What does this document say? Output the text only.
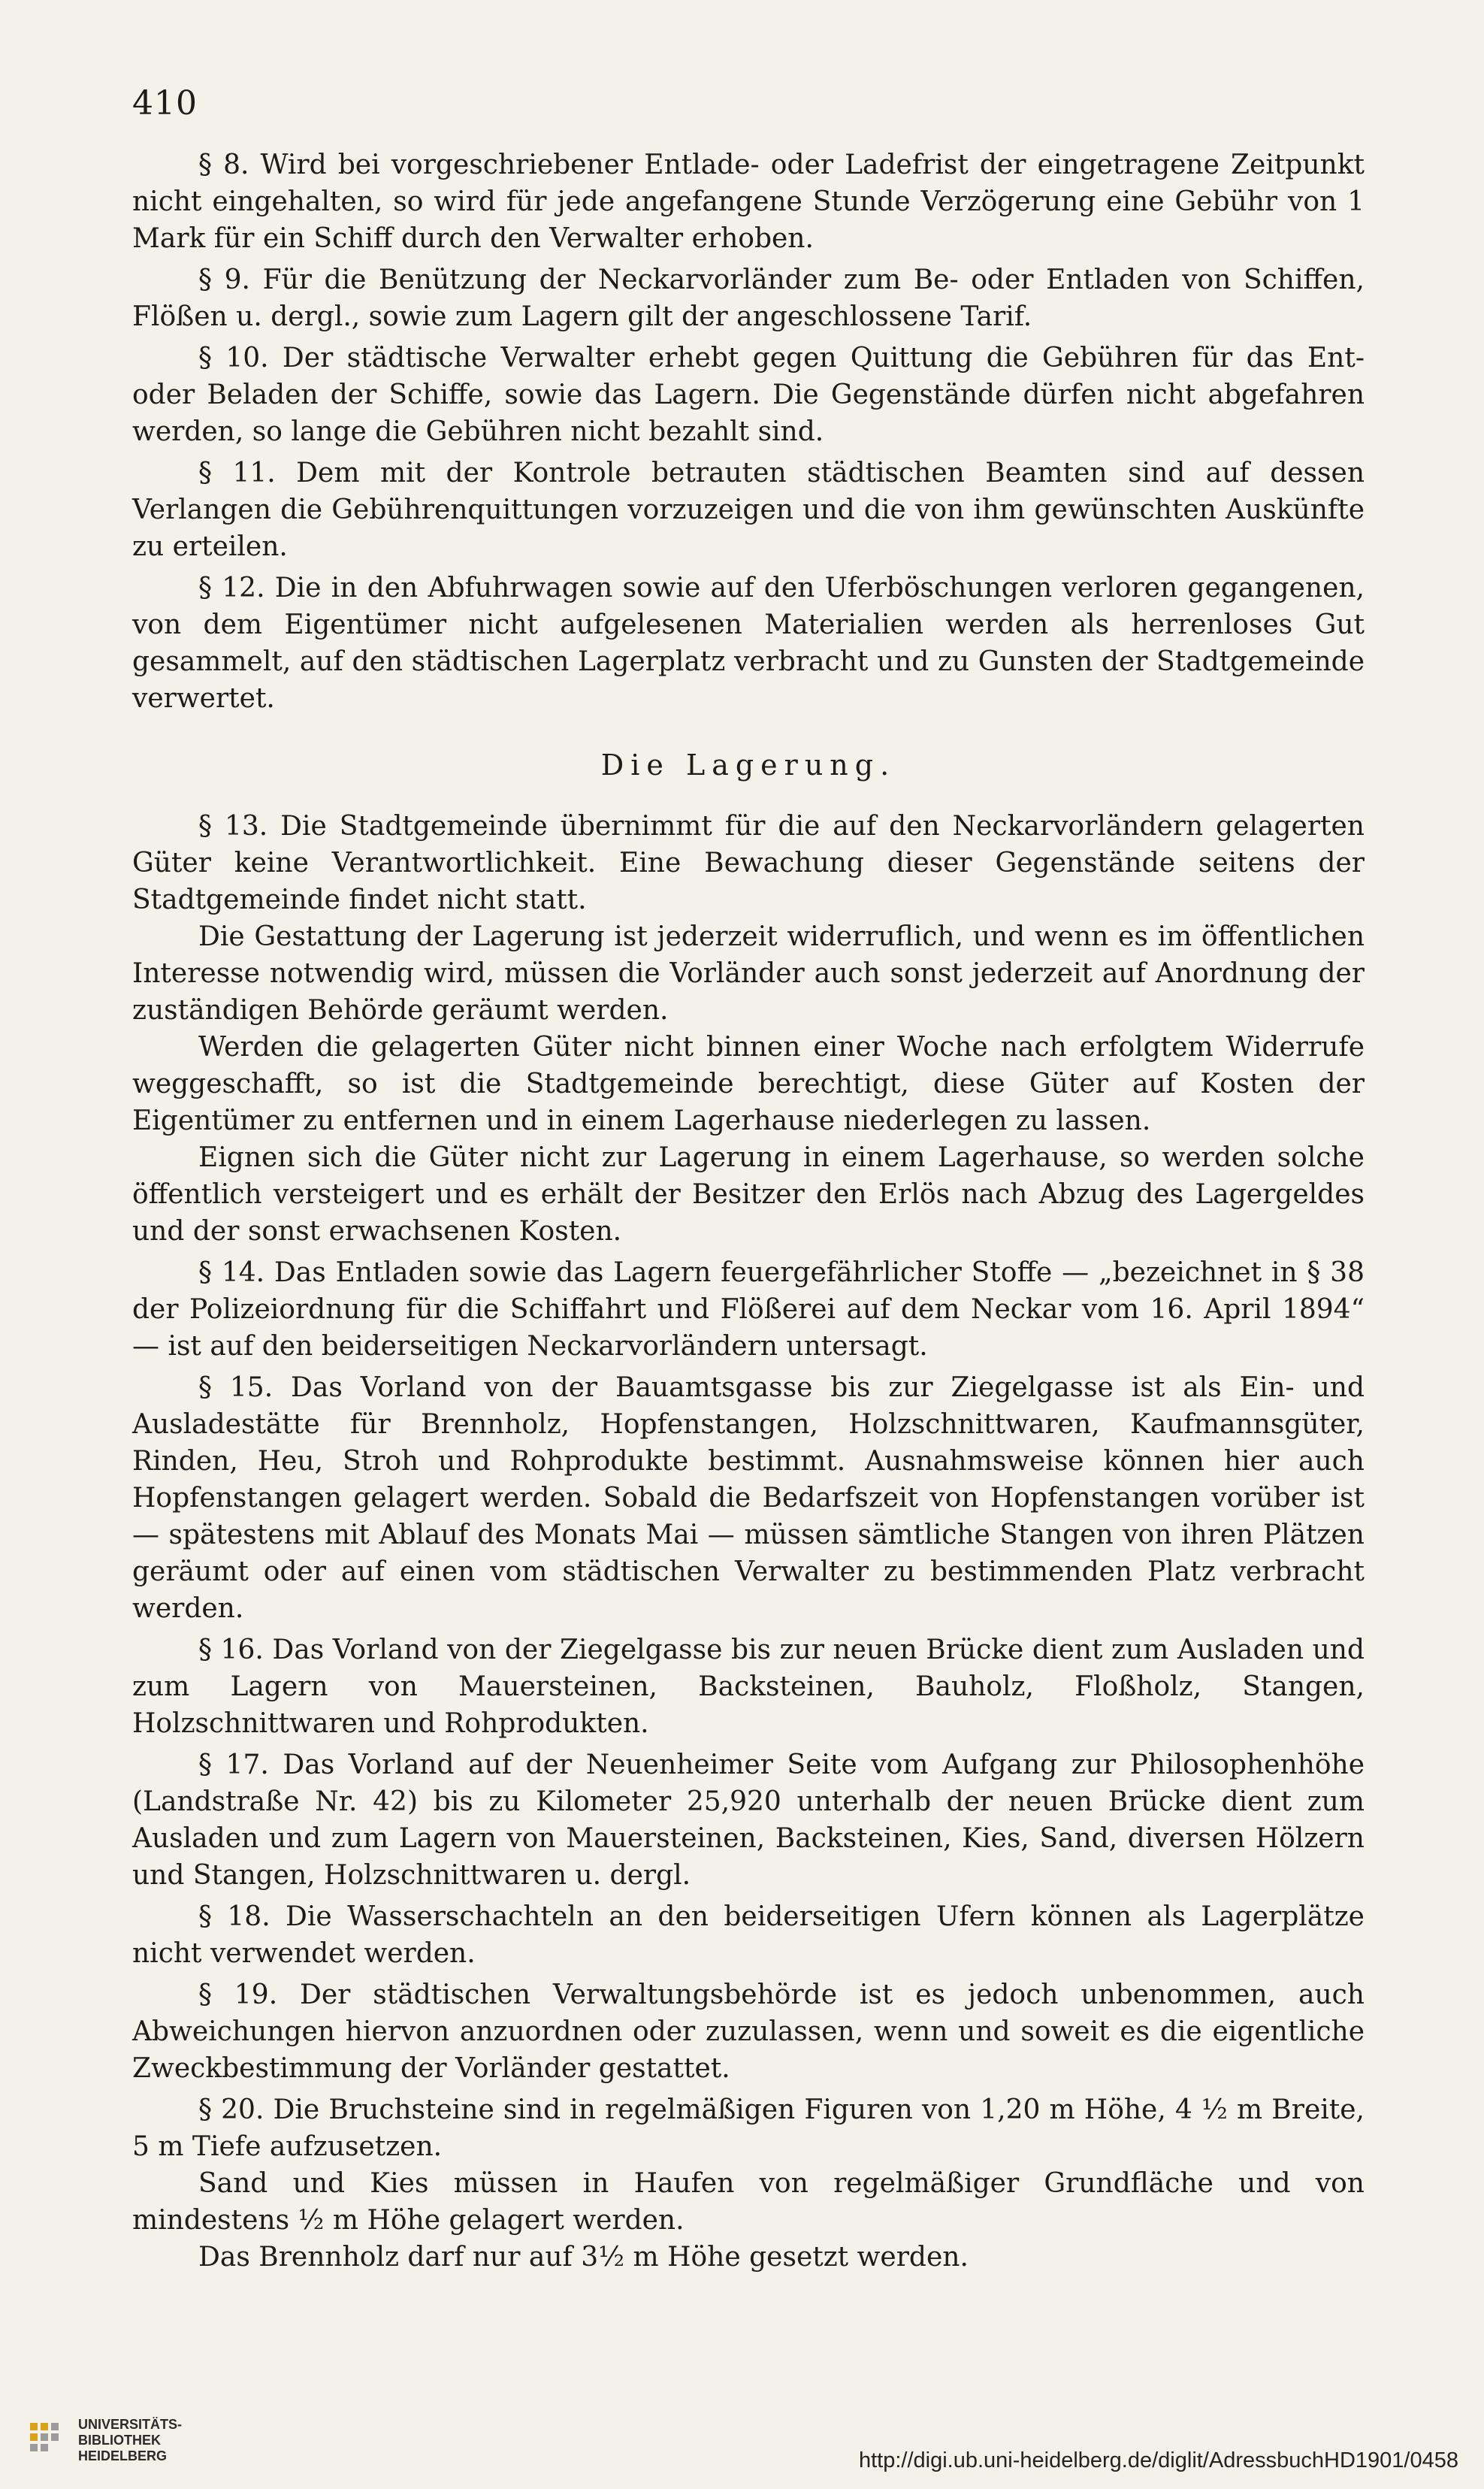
410

§ 8. Wird bei vorgeschriebener Entlade- oder Ladefrist der eingetragene Zeitpunkt nicht eingehalten, so wird für jede angefangene Stunde Verzögerung eine Gebühr von 1 Mark für ein Schiff durch den Verwalter erhoben.

§ 9. Für die Benützung der Neckarvorländer zum Be- oder Entladen von Schiffen, Flößen u. dergl., sowie zum Lagern gilt der angeschlossene Tarif.

§ 10. Der städtische Verwalter erhebt gegen Quittung die Gebühren für das Ent- oder Beladen der Schiffe, sowie das Lagern. Die Gegenstände dürfen nicht abgefahren werden, so lange die Gebühren nicht bezahlt sind.

§ 11. Dem mit der Kontrole betrauten städtischen Beamten sind auf dessen Verlangen die Gebührenquittungen vorzuzeigen und die von ihm gewünschten Auskünfte zu erteilen.

§ 12. Die in den Abfuhrwagen sowie auf den Uferböschungen verloren gegangenen, von dem Eigentümer nicht aufgelesenen Materialien werden als herrenloses Gut gesammelt, auf den städtischen Lagerplatz verbracht und zu Gunsten der Stadtgemeinde verwertet.

Die Lagerung.

§ 13. Die Stadtgemeinde übernimmt für die auf den Neckarvorländern gelagerten Güter keine Verantwortlichkeit. Eine Bewachung dieser Gegenstände seitens der Stadtgemeinde findet nicht statt.

Die Gestattung der Lagerung ist jederzeit widerruflich, und wenn es im öffentlichen Interesse notwendig wird, müssen die Vorländer auch sonst jederzeit auf Anordnung der zuständigen Behörde geräumt werden.

Werden die gelagerten Güter nicht binnen einer Woche nach erfolgtem Widerrufe weggeschafft, so ist die Stadtgemeinde berechtigt, diese Güter auf Kosten der Eigentümer zu entfernen und in einem Lagerhause niederlegen zu lassen.

Eignen sich die Güter nicht zur Lagerung in einem Lagerhause, so werden solche öffentlich versteigert und es erhält der Besitzer den Erlös nach Abzug des Lagergeldes und der sonst erwachsenen Kosten.

§ 14. Das Entladen sowie das Lagern feuergefährlicher Stoffe — „bezeichnet in § 38 der Polizeiordnung für die Schiffahrt und Flößerei auf dem Neckar vom 16. April 1894“ — ist auf den beiderseitigen Neckarvorländern untersagt.

§ 15. Das Vorland von der Bauamtsgasse bis zur Ziegelgasse ist als Ein- und Ausladestätte für Brennholz, Hopfenstangen, Holzschnittwaren, Kaufmannsgüter, Rinden, Heu, Stroh und Rohprodukte bestimmt. Ausnahmsweise können hier auch Hopfenstangen gelagert werden. Sobald die Bedarfszeit von Hopfenstangen vorüber ist — spätestens mit Ablauf des Monats Mai — müssen sämtliche Stangen von ihren Plätzen geräumt oder auf einen vom städtischen Verwalter zu bestimmenden Platz verbracht werden.

§ 16. Das Vorland von der Ziegelgasse bis zur neuen Brücke dient zum Ausladen und zum Lagern von Mauersteinen, Backsteinen, Bauholz, Floßholz, Stangen, Holzschnittwaren und Rohprodukten.

§ 17. Das Vorland auf der Neuenheimer Seite vom Aufgang zur Philosophenhöhe (Landstraße Nr. 42) bis zu Kilometer 25,920 unterhalb der neuen Brücke dient zum Ausladen und zum Lagern von Mauersteinen, Backsteinen, Kies, Sand, diversen Hölzern und Stangen, Holzschnittwaren u. dergl.

§ 18. Die Wasserschachteln an den beiderseitigen Ufern können als Lagerplätze nicht verwendet werden.

§ 19. Der städtischen Verwaltungsbehörde ist es jedoch unbenommen, auch Abweichungen hiervon anzuordnen oder zuzulassen, wenn und soweit es die eigentliche Zweckbestimmung der Vorländer gestattet.

§ 20. Die Bruchsteine sind in regelmäßigen Figuren von 1,20 m Höhe, 4 ½ m Breite, 5 m Tiefe aufzusetzen.

Sand und Kies müssen in Haufen von regelmäßiger Grundfläche und von mindestens ½ m Höhe gelagert werden.

Das Brennholz darf nur auf 3½ m Höhe gesetzt werden.

UNIVERSITÄTS-
BIBLIOTHEK
HEIDELBERG	http://digi.ub.uni-heidelberg.de/diglit/AdressbuchHD1901/0458
